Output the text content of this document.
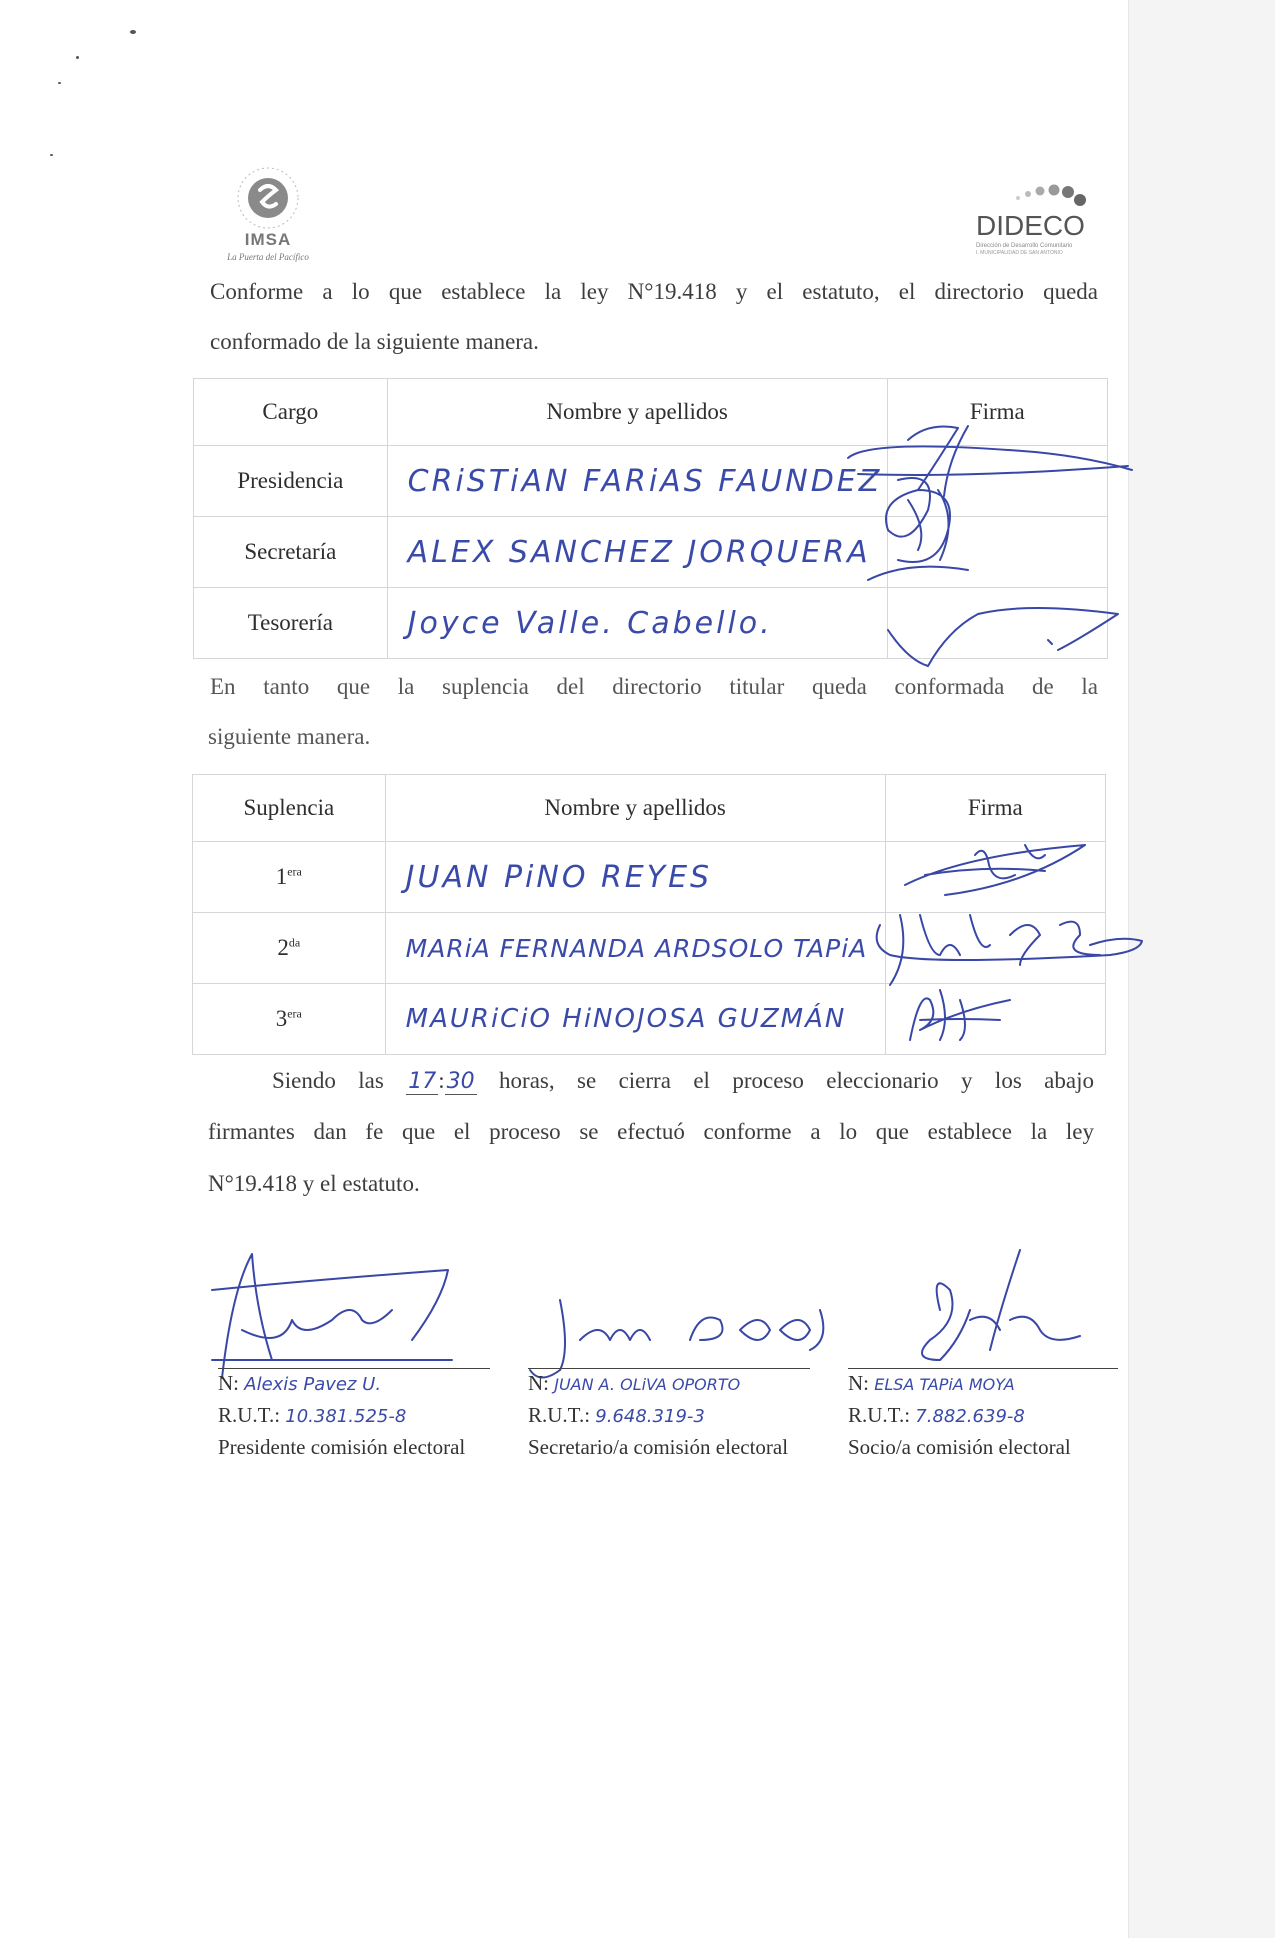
IMSA
La Puerta del Pacífico
DIDECO
Dirección de Desarrollo Comunitario
I. MUNICIPALIDAD DE SAN ANTONIO
Conforme a lo que establece la ley N°19.418 y el estatuto, el directorio queda
conformado de la siguiente manera.
Cargo	Nombre y apellidos	Firma
Presidencia	CRiSTiAN FARiAS FAUNDEZ	
Secretaría	ALEX SANCHEZ JORQUERA	
Tesorería	Joyce Valle. Cabello.	
En tanto que la suplencia del directorio titular queda conformada de la
siguiente manera.
Suplencia	Nombre y apellidos	Firma
$1^{era}$	JUAN PiNO REYES	
$2^{da}$	MARiA FERNANDA ARDSOLO TAPiA	
$3^{era}$	MAURiCiO HiNOJOSA GUZMÁN	
Siendo las 17:30 horas, se cierra el proceso eleccionario y los abajo
firmantes dan fe que el proceso se efectuó conforme a lo que establece la ley
N°19.418 y el estatuto.
N: Alexis Pavez U.
R.U.T.: 10.381.525-8
Presidente comisión electoral
N: JUAN A. OLiVA OPORTO
R.U.T.: 9.648.319-3
Secretario/a comisión electoral
N: ELSA TAPiA MOYA
R.U.T.: 7.882.639-8
Socio/a comisión electoral
